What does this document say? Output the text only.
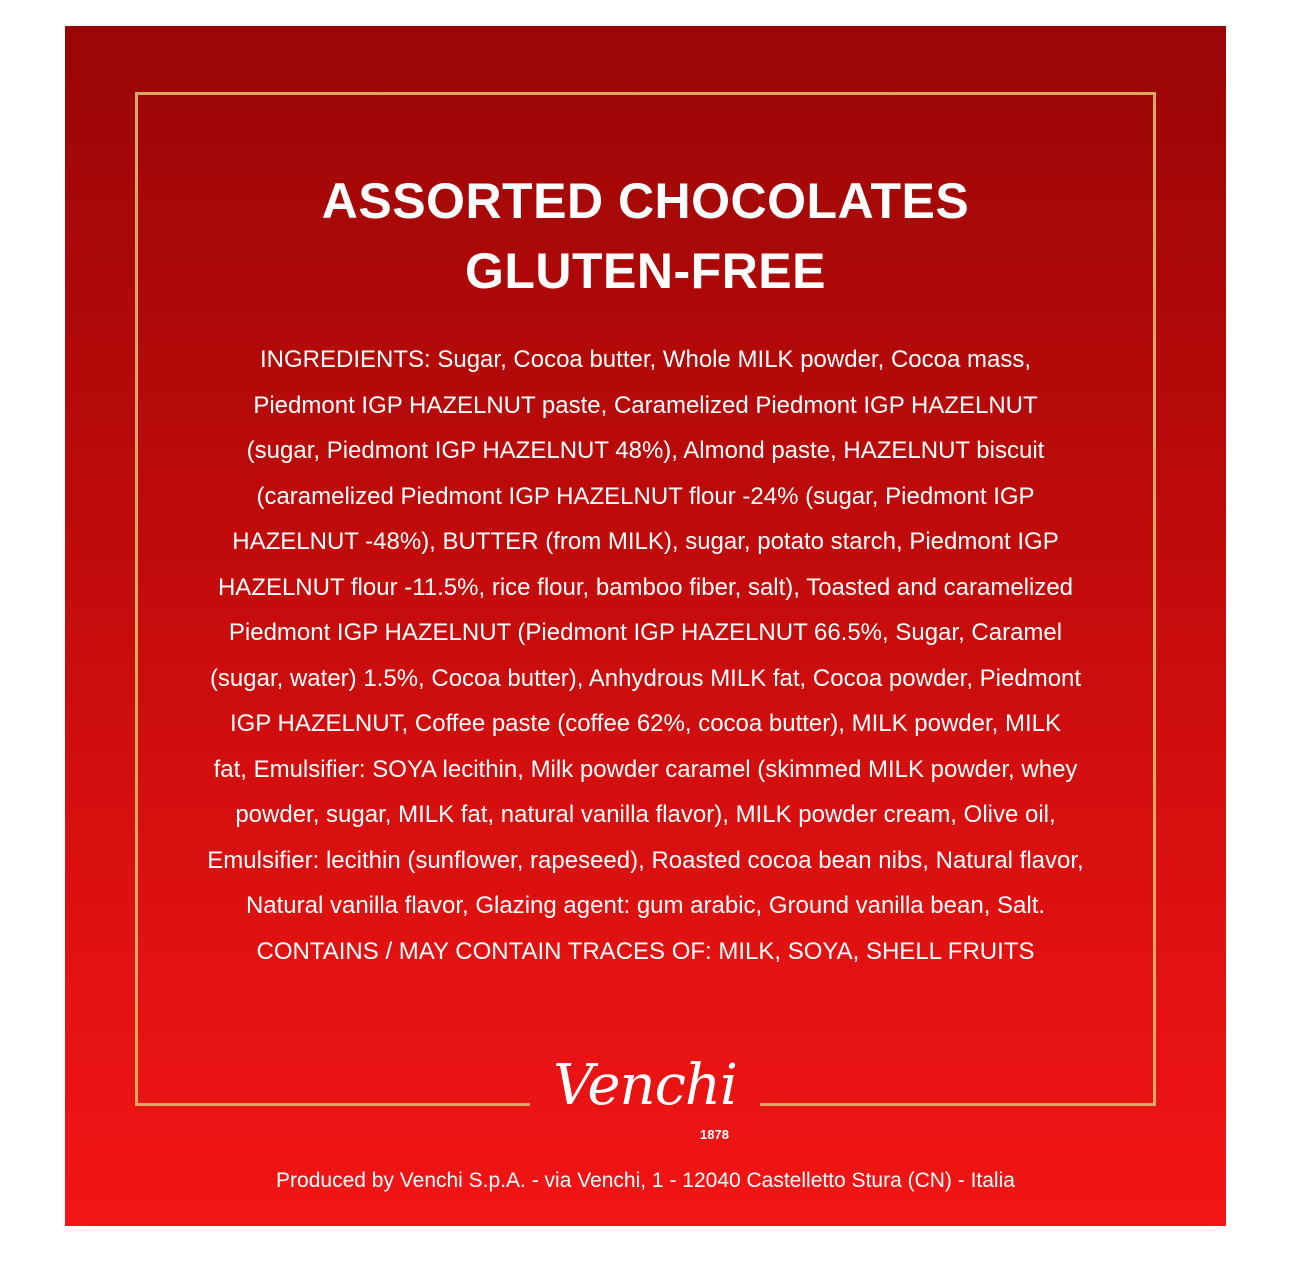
ASSORTED CHOCOLATES
GLUTEN-FREE
INGREDIENTS: Sugar, Cocoa butter, Whole MILK powder, Cocoa mass,
Piedmont IGP HAZELNUT paste, Caramelized Piedmont IGP HAZELNUT
(sugar, Piedmont IGP HAZELNUT 48%), Almond paste, HAZELNUT biscuit
(caramelized Piedmont IGP HAZELNUT flour -24% (sugar, Piedmont IGP
HAZELNUT -48%), BUTTER (from MILK), sugar, potato starch, Piedmont IGP
HAZELNUT flour -11.5%, rice flour, bamboo fiber, salt), Toasted and caramelized
Piedmont IGP HAZELNUT (Piedmont IGP HAZELNUT 66.5%, Sugar, Caramel
(sugar, water) 1.5%, Cocoa butter), Anhydrous MILK fat, Cocoa powder, Piedmont
IGP HAZELNUT, Coffee paste (coffee 62%, cocoa butter), MILK powder, MILK
fat, Emulsifier: SOYA lecithin, Milk powder caramel (skimmed MILK powder, whey
powder, sugar, MILK fat, natural vanilla flavor), MILK powder cream, Olive oil,
Emulsifier: lecithin (sunflower, rapeseed), Roasted cocoa bean nibs, Natural flavor,
Natural vanilla flavor, Glazing agent: gum arabic, Ground vanilla bean, Salt.
CONTAINS / MAY CONTAIN TRACES OF: MILK, SOYA, SHELL FRUITS
Venchi
1878
Produced by Venchi S.p.A. - via Venchi, 1 - 12040 Castelletto Stura (CN) - Italia
